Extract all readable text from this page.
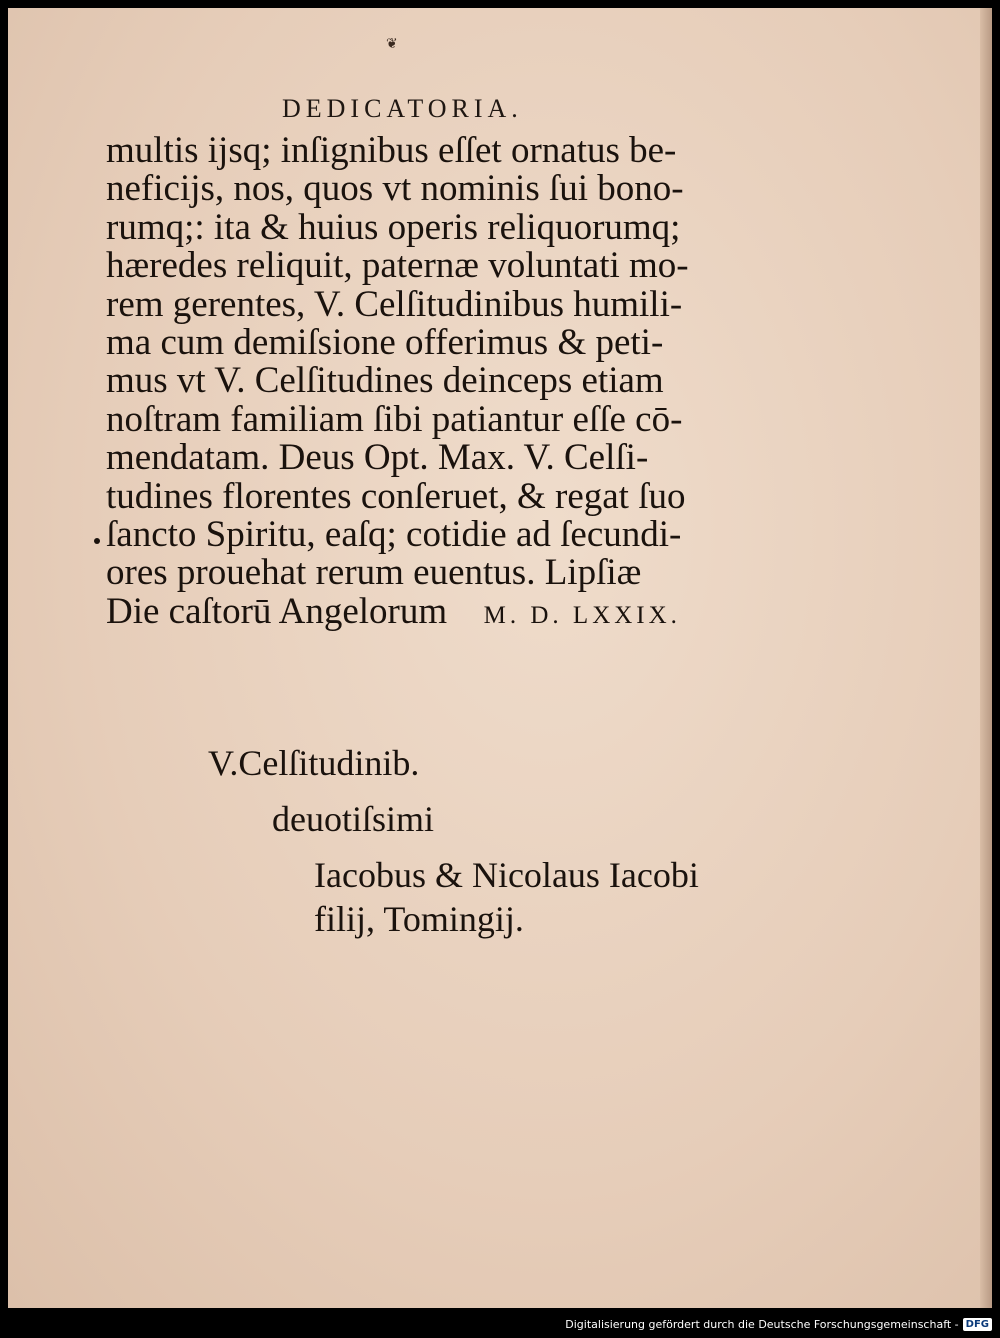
❦
DEDICATORIA.
multis ijsq; inſignibus eſſet ornatus be-
neficijs, nos, quos vt nominis ſui bono-
rumq;: ita & huius operis reliquorumq;
hæredes reliquit, paternæ voluntati mo-
rem gerentes, V. Celſitudinibus humili-
ma cum demiſsione offerimus & peti-
mus vt V. Celſitudines deinceps etiam
noſtram familiam ſibi patiantur eſſe cō-
mendatam. Deus Opt. Max. V. Celſi-
tudines florentes conſeruet, & regat ſuo
ſancto Spiritu, eaſq; cotidie ad ſecundi-
ores prouehat rerum euentus. Lipſiæ
Die caſtorū Angelorum M. D. LXXIX.
V.Celſitudinib.
deuotiſsimi
Iacobus & Nicolaus Iacobi
filij, Tomingij.
Digitalisierung gefördert durch die Deutsche Forschungsgemeinschaft - DFG
